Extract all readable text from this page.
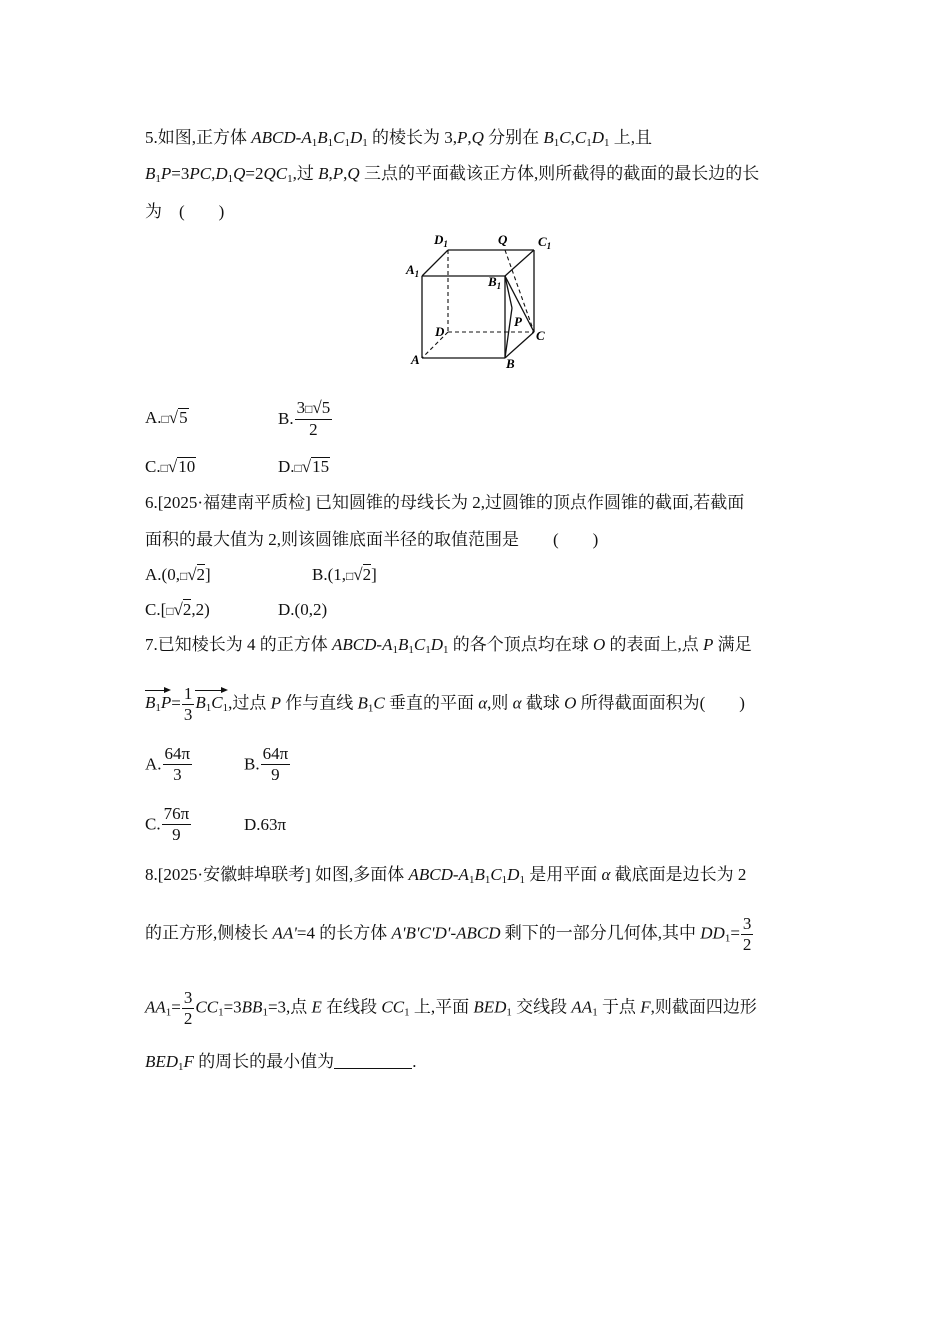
5.如图,正方体 ABCD-$A_1B_1C_1D_1$ 的棱长为 3,P,Q 分别在 $B_1C,C_1D_1$ 上,且
$B_1P=3PC,D_1Q=2QC_1$,过 B,P,Q 三点的平面截该正方体,则所截得的截面的最长边的长
为　(　　)
$D_1$	Q $C_1$
$A_1$	$B_1$
D
P
C
A	B
A.□√5	B. $\frac{3□√5}{2}$
C.□√10	D.□√15
6.[2025·福建南平质检] 已知圆锥的母线长为 2,过圆锥的顶点作圆锥的截面,若截面
面积的最大值为 2,则该圆锥底面半径的取值范围是　　(　　)
A.(0,□√2]	B.(1,□√2]
C.[□√2,2)	D.(0,2)
7.已知棱长为 4 的正方体 ABCD-$A_1B_1C_1D_1$ 的各个顶点均在球 O 的表面上,点 P 满足
$B_1P= \frac{1}{3} B_1C_1$,过点 P 作与直线 $B_1C$ 垂直的平面 α,则 α 截球 O 所得截面面积为(　　)
A. $\frac{64\pi}{3}$	B. $\frac{64\pi}{9}$
C. $\frac{76\pi}{9}$	D.63π
8.[2025·安徽蚌埠联考] 如图,多面体 ABCD-$A_1B_1C_1D_1$ 是用平面 α 截底面是边长为 2
的正方形,侧棱长 AA'=4 的长方体 A'B'C'D'-ABCD 剩下的一部分几何体,其中 $DD_1= \frac{3}{2}$
$AA_1= \frac{3}{2} CC_1=3BB_1=3$,点 E 在线段 $CC_1$ 上,平面 $BED_1$ 交线段 $AA_1$ 于点 F,则截面四边形
$BED_1F$ 的周长的最小值为	.
